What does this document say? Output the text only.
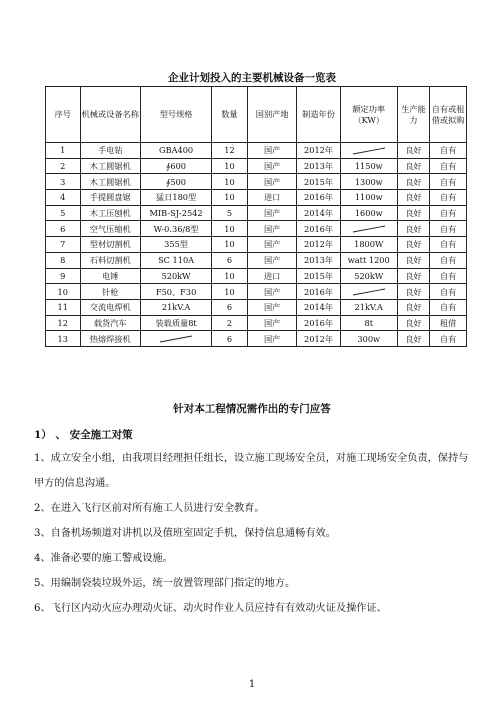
企业计划投入的主要机械设备一览表
序号	机械或设备名称	型号规格	数量	国别产地	制造年份	额定功率（KW）	生产能力	自有或租借或拟购
1	手电钻	GBA400	12	国产	2012年		良好	自有
2	木工圆锯机	∮600	10	国产	2013年	1150w	良好	自有
3	木工圆锯机	∮500	10	国产	2015年	1300w	良好	自有
4	手提圆盘锯	猛日180型	10	进口	2016年	1100w	良好	自有
5	木工压刨机	MIB-SJ-2542	5	国产	2014年	1600w	良好	自有
6	空气压缩机	W-0.36/8型	10	国产	2016年		良好	自有
7	型材切割机	355型	10	国产	2012年	1800W	良好	自有
8	石料切割机	SC 110A	6	国产	2013年	watt 1200	良好	自有
9	电锤	520kW	10	进口	2015年	520kW	良好	自有
10	针枪	F50、F30	10	国产	2016年		良好	自有
11	交流电焊机	21kV.A	6	国产	2014年	21kV.A	良好	自有
12	载货汽车	装载质量8t	2	国产	2016年	8t	良好	租借
13	热熔焊接机		6	国产	2012年	300w	良好	自有
针对本工程情况需作出的专门应答
1） 、 安全施工对策
1、成立安全小组，由我项目经理担任组长，设立施工现场安全员，对施工现场安全负责，保持与甲方的信息沟通。
2、在进入飞行区前对所有施工人员进行安全教育。
3、自备机场频道对讲机以及值班室固定手机，保持信息通畅有效。
4、准备必要的施工警戒设施。
5、用编制袋装垃圾外运，统一放置管理部门指定的地方。
6、飞行区内动火应办理动火证、动火时作业人员应持有有效动火证及操作证、
1
